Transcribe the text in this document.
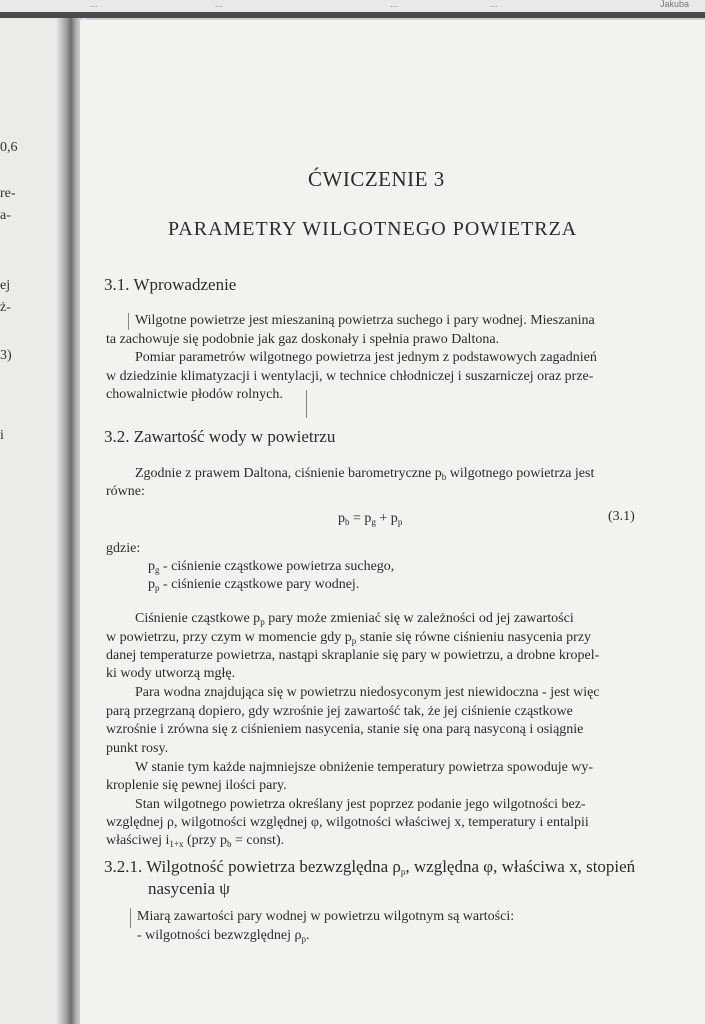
...	...	...	...	Jakuba
0,6
re-
a-
ej
ż-
3)
i
ĆWICZENIE 3
PARAMETRY WILGOTNEGO POWIETRZA
3.1. Wprowadzenie
Wilgotne powietrze jest mieszaniną powietrza suchego i pary wodnej. Mieszanina
ta zachowuje się podobnie jak gaz doskonały i spełnia prawo Daltona.
Pomiar parametrów wilgotnego powietrza jest jednym z podstawowych zagadnień
w dziedzinie klimatyzacji i wentylacji, w technice chłodniczej i suszarniczej oraz prze-
chowalnictwie płodów rolnych.
3.2. Zawartość wody w powietrzu
Zgodnie z prawem Daltona, ciśnienie barometryczne $p_b$ wilgotnego powietrza jest
równe:
$p_b = p_g + p_p$	(3.1)
gdzie:
$p_g$ - ciśnienie cząstkowe powietrza suchego,
$p_p$ - ciśnienie cząstkowe pary wodnej.
Ciśnienie cząstkowe $p_p$ pary może zmieniać się w zależności od jej zawartości
w powietrzu, przy czym w momencie gdy $p_p$ stanie się równe ciśnieniu nasycenia przy
danej temperaturze powietrza, nastąpi skraplanie się pary w powietrzu, a drobne kropel-
ki wody utworzą mgłę.
Para wodna znajdująca się w powietrzu niedosyconym jest niewidoczna - jest więc
parą przegrzaną dopiero, gdy wzrośnie jej zawartość tak, że jej ciśnienie cząstkowe
wzrośnie i zrówna się z ciśnieniem nasycenia, stanie się ona parą nasyconą i osiągnie
punkt rosy.
W stanie tym każde najmniejsze obniżenie temperatury powietrza spowoduje wy-
kroplenie się pewnej ilości pary.
Stan wilgotnego powietrza określany jest poprzez podanie jego wilgotności bez-
względnej ρ, wilgotności względnej φ, wilgotności właściwej x, temperatury i entalpii
właściwej $i_{1+x}$ (przy $p_b$ = const).
3.2.1. Wilgotność powietrza bezwzględna $\rho_p$, względna φ, właściwa x, stopień
nasycenia ψ
Miarą zawartości pary wodnej w powietrzu wilgotnym są wartości:
- wilgotności bezwzględnej $\rho_p$.
